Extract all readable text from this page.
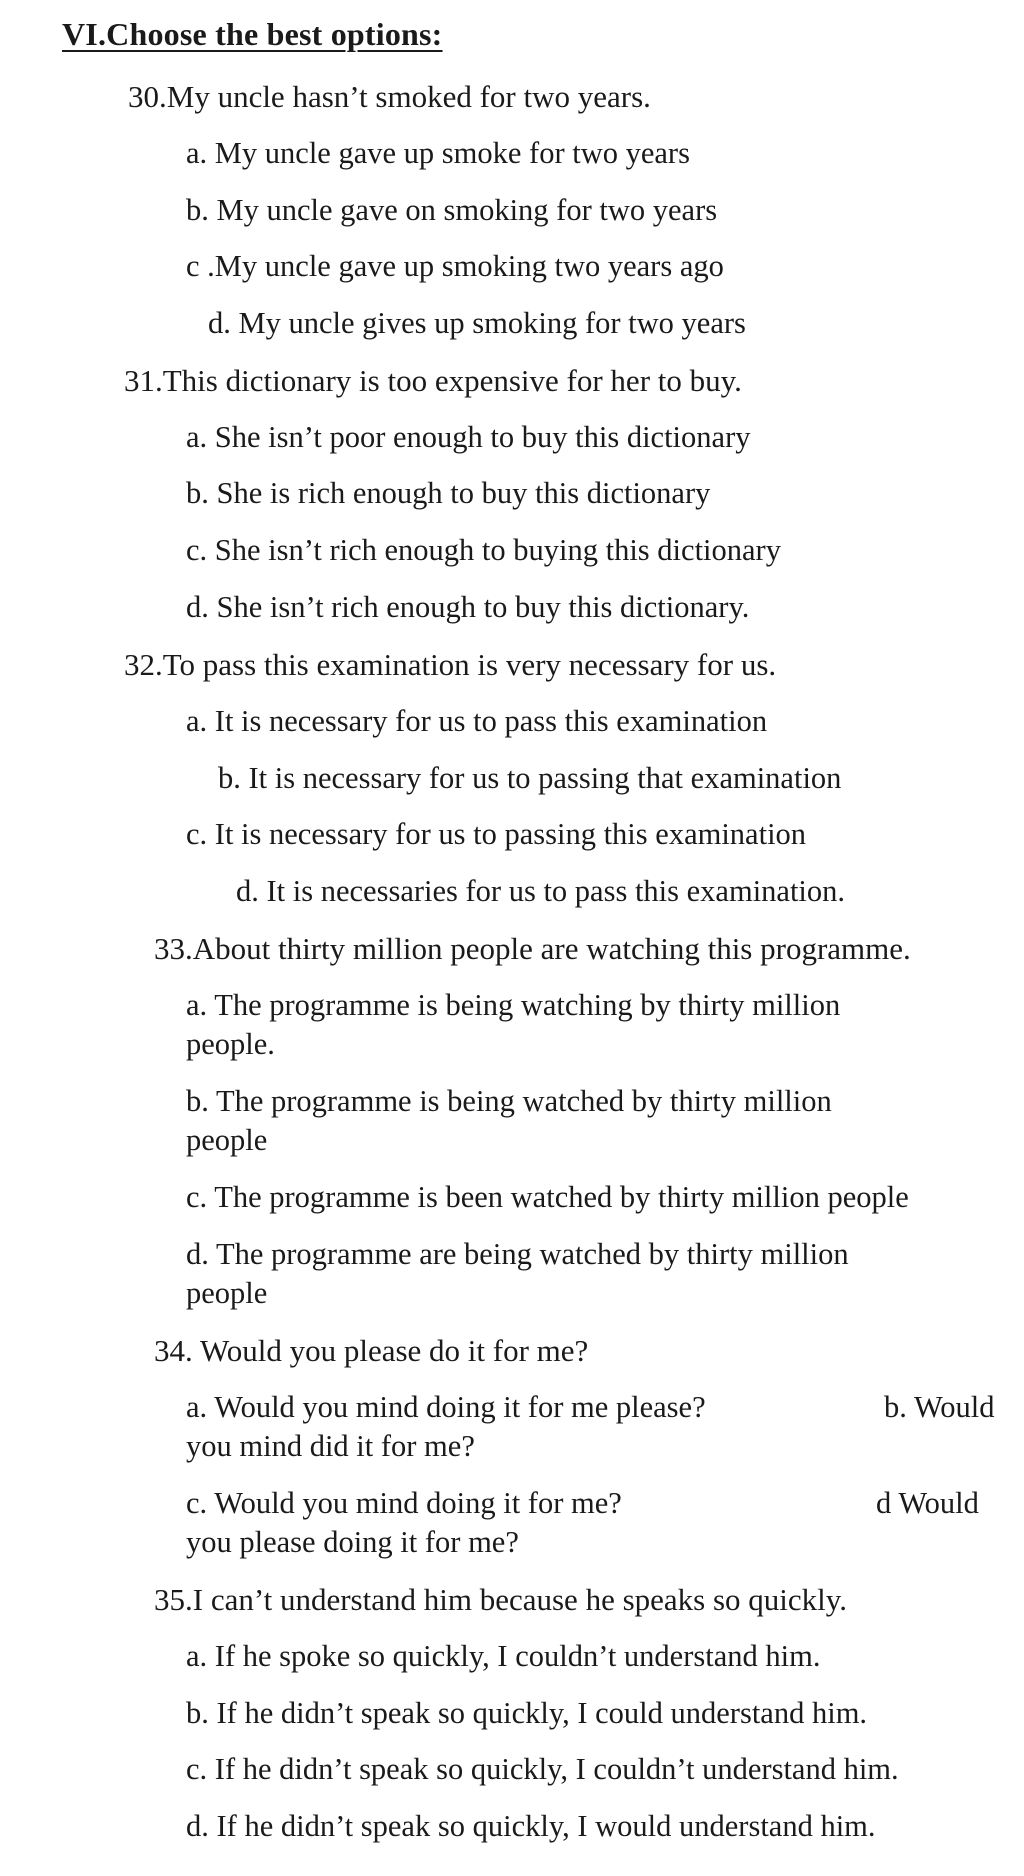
VI.Choose the best options:
30.My uncle hasn’t smoked for two years.
a. My uncle gave up smoke for two years
b. My uncle gave on smoking for two years
c .My uncle gave up smoking two years ago
d. My uncle gives up smoking for two years
31.This dictionary is too expensive for her to buy.
a. She isn’t poor enough to buy this dictionary
b. She is rich enough to buy this dictionary
c. She isn’t rich enough to buying this dictionary
d. She isn’t rich enough to buy this dictionary.
32.To pass this examination is very necessary for us.
a. It is necessary for us to pass this examination
b. It is necessary for us to passing that examination
c. It is necessary for us to passing this examination
d. It is necessaries for us to pass this examination.
33.About thirty million people are watching this programme.
a. The programme is being watching by thirty million
people.
b. The programme is being watched by thirty million
people
c. The programme is been watched by thirty million people
d. The programme are being watched by thirty million
people
34. Would you please do it for me?
a. Would you mind doing it for me please?	b. Would
you mind did it for me?
c. Would you mind doing it for me?	d Would
you please doing it for me?
35.I can’t understand him because he speaks so quickly.
a. If he spoke so quickly, I couldn’t understand him.
b. If he didn’t speak so quickly, I could understand him.
c. If he didn’t speak so quickly, I couldn’t understand him.
d. If he didn’t speak so quickly, I would understand him.
